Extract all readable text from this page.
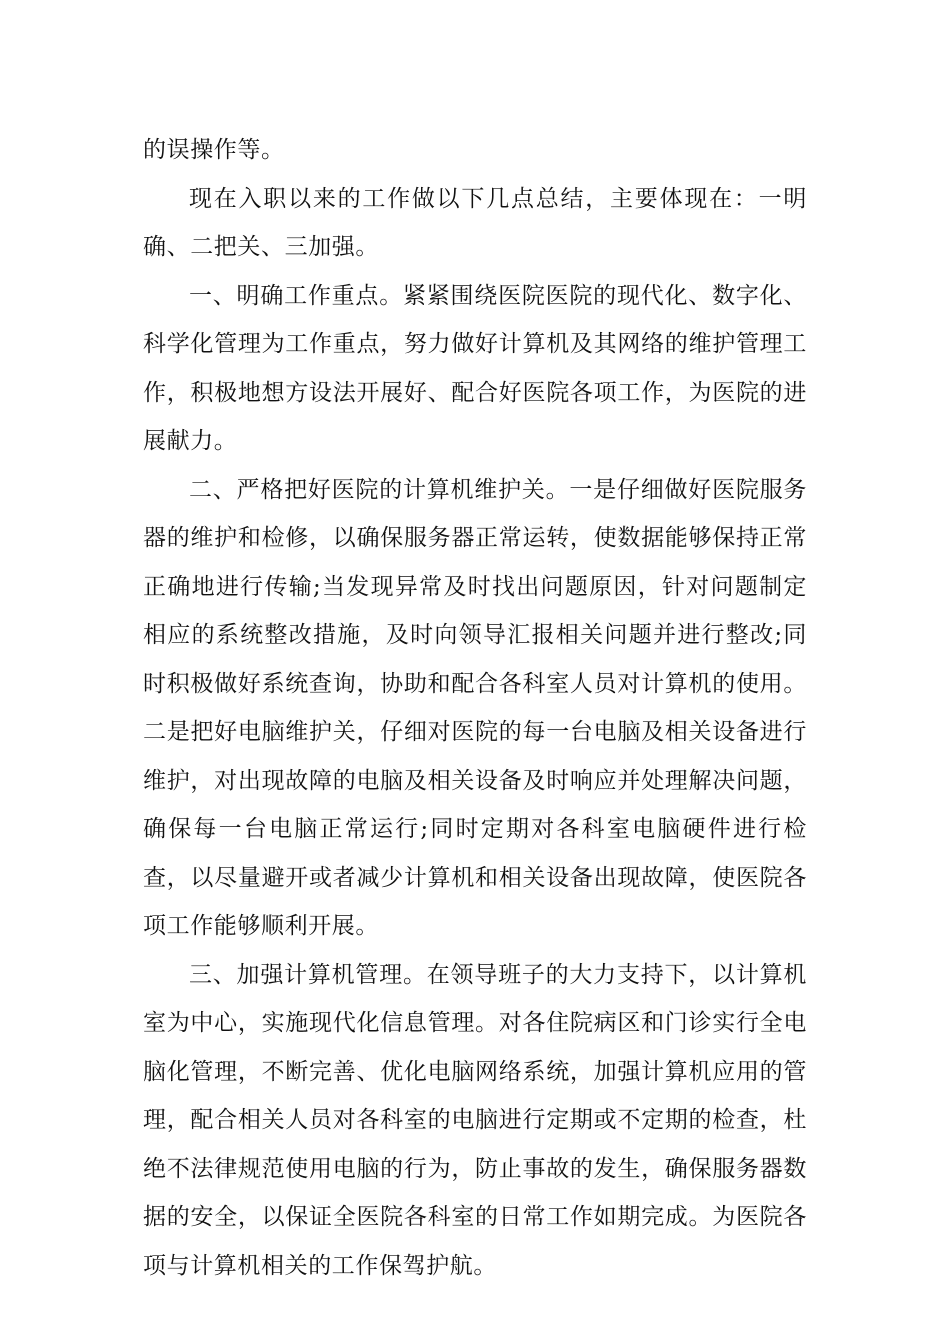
的误操作等。

现在入职以来的工作做以下几点总结，主要体现在：一明确、二把关、三加强。

一、明确工作重点。紧紧围绕医院医院的现代化、数字化、科学化管理为工作重点，努力做好计算机及其网络的维护管理工作，积极地想方设法开展好、配合好医院各项工作，为医院的进展献力。

二、严格把好医院的计算机维护关。一是仔细做好医院服务器的维护和检修，以确保服务器正常运转，使数据能够保持正常正确地进行传输;当发现异常及时找出问题原因，针对问题制定相应的系统整改措施，及时向领导汇报相关问题并进行整改;同时积极做好系统查询，协助和配合各科室人员对计算机的使用。二是把好电脑维护关，仔细对医院的每一台电脑及相关设备进行维护，对出现故障的电脑及相关设备及时响应并处理解决问题，确保每一台电脑正常运行;同时定期对各科室电脑硬件进行检查，以尽量避开或者减少计算机和相关设备出现故障，使医院各项工作能够顺利开展。

三、加强计算机管理。在领导班子的大力支持下，以计算机室为中心，实施现代化信息管理。对各住院病区和门诊实行全电脑化管理，不断完善、优化电脑网络系统，加强计算机应用的管理，配合相关人员对各科室的电脑进行定期或不定期的检查，杜绝不法律规范使用电脑的行为，防止事故的发生，确保服务器数据的安全，以保证全医院各科室的日常工作如期完成。为医院各项与计算机相关的工作保驾护航。
